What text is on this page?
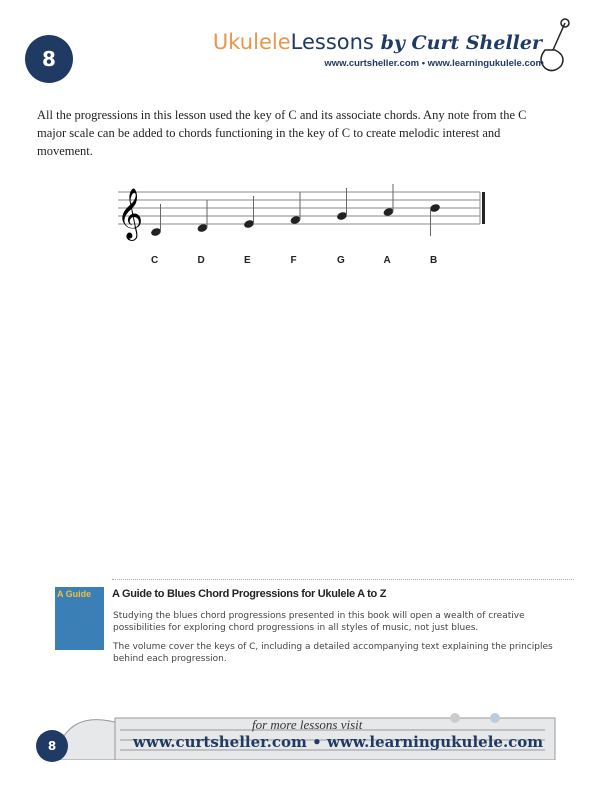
8
UkuleleLessons by Curt Sheller
www.curtsheller.com • www.learningukulele.com
All the progressions in this lesson used the key of C and its associate chords. Any note from the C major scale can be added to chords functioning in the key of C to create melodic interest and movement.
𝄞
C	D	E	F	G	A	B
A Guide	A Guide to Blues Chord Progressions for Ukulele A to Z
Studying the blues chord progressions presented in this book will open a wealth of creative possibilities for exploring chord progressions in all styles of music, not just blues.
The volume cover the keys of C, including a detailed accompanying text explaining the principles behind each progression.
for more lessons visit
www.curtsheller.com • www.learningukulele.com
8
